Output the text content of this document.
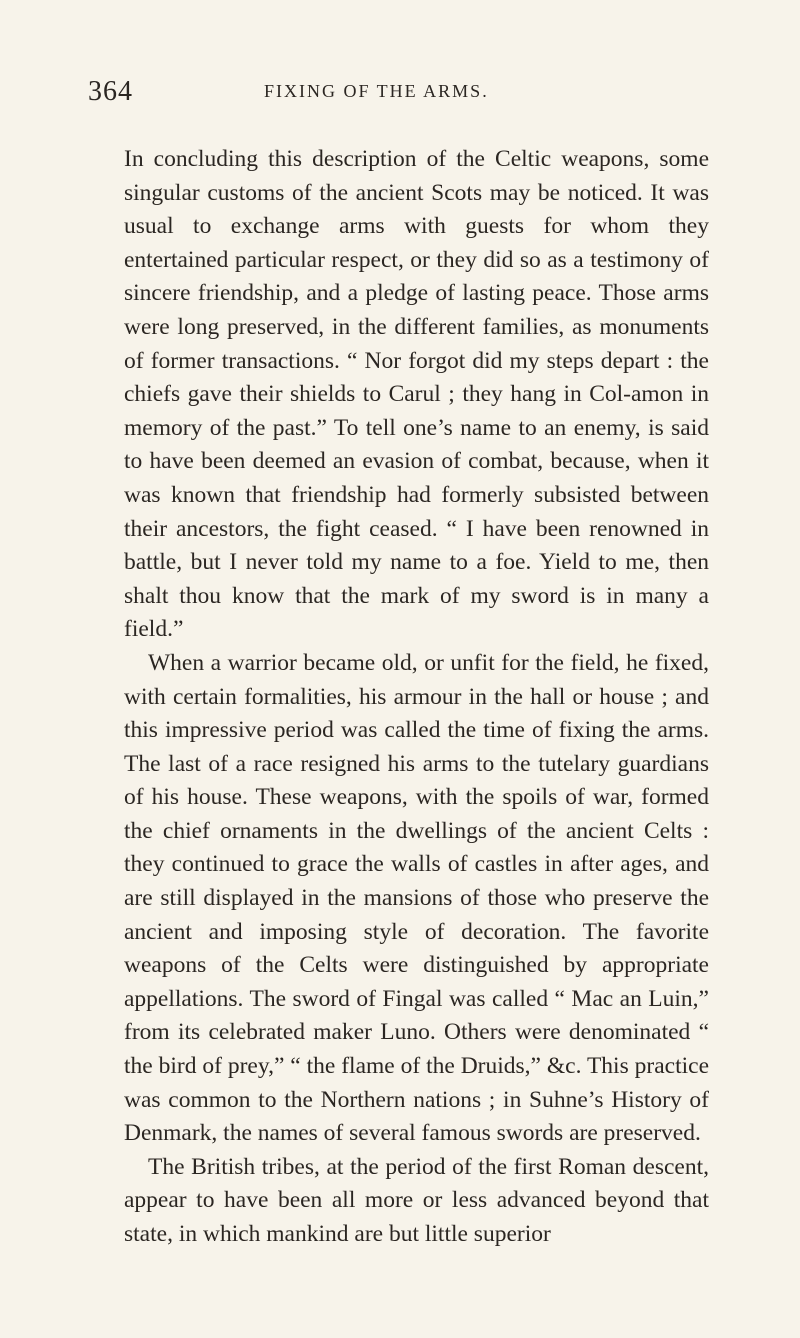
364	FIXING OF THE ARMS.

In concluding this description of the Celtic weapons, some singular customs of the ancient Scots may be noticed. It was usual to exchange arms with guests for whom they entertained particular respect, or they did so as a testimony of sincere friendship, and a pledge of lasting peace. Those arms were long preserved, in the different families, as monuments of former transactions. “ Nor forgot did my steps depart : the chiefs gave their shields to Carul ; they hang in Col-amon in memory of the past.” To tell one’s name to an enemy, is said to have been deemed an evasion of combat, because, when it was known that friendship had formerly subsisted between their ancestors, the fight ceased. “ I have been renowned in battle, but I never told my name to a foe. Yield to me, then shalt thou know that the mark of my sword is in many a field.”

When a warrior became old, or unfit for the field, he fixed, with certain formalities, his armour in the hall or house ; and this impressive period was called the time of fixing the arms. The last of a race resigned his arms to the tutelary guardians of his house. These weapons, with the spoils of war, formed the chief ornaments in the dwellings of the ancient Celts : they continued to grace the walls of castles in after ages, and are still displayed in the mansions of those who preserve the ancient and imposing style of decoration. The favorite weapons of the Celts were distinguished by appropriate appellations. The sword of Fingal was called “ Mac an Luin,” from its celebrated maker Luno. Others were denominated “ the bird of prey,” “ the flame of the Druids,” &c. This practice was common to the Northern nations ; in Suhne’s History of Denmark, the names of several famous swords are preserved.

The British tribes, at the period of the first Roman descent, appear to have been all more or less advanced beyond that state, in which mankind are but little superior
